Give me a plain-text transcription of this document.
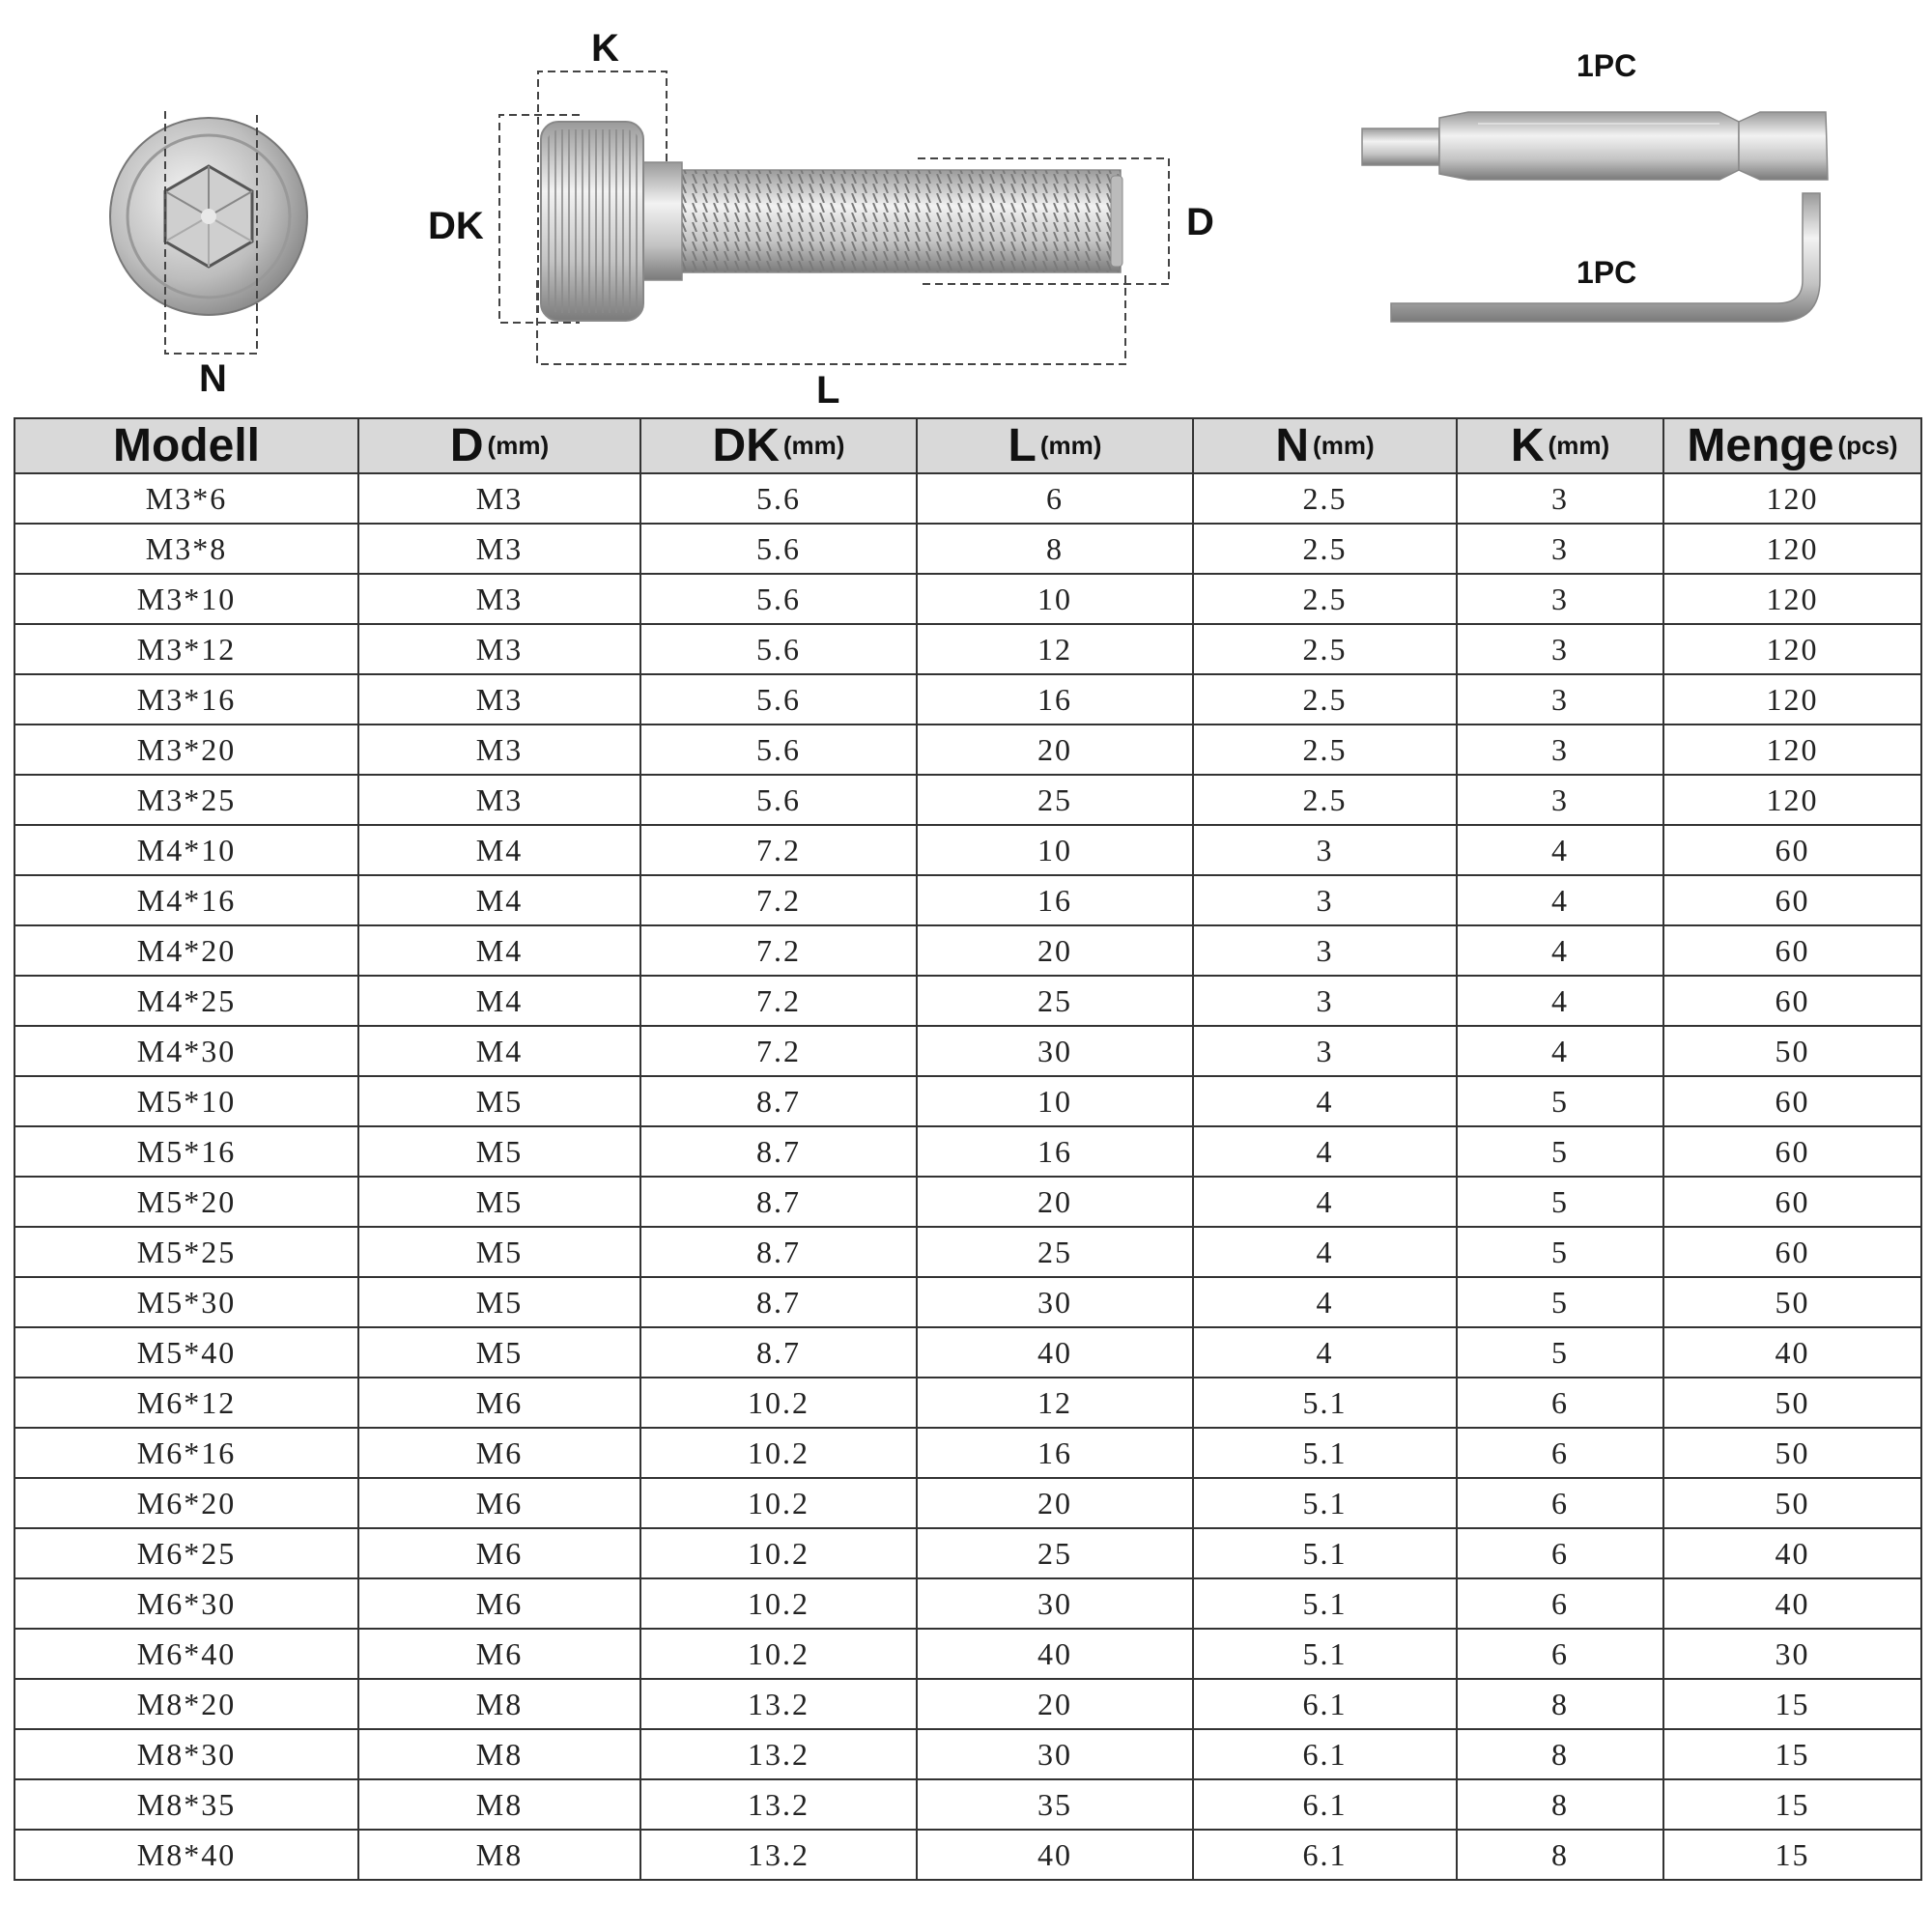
K
DK	D
N	L
1PC
1PC
Modell	D (mm)	DK (mm)	L (mm)	N (mm)	K (mm)	Menge (pcs)
M3*6	M3	5.6	6	2.5	3	120
M3*8	M3	5.6	8	2.5	3	120
M3*10	M3	5.6	10	2.5	3	120
M3*12	M3	5.6	12	2.5	3	120
M3*16	M3	5.6	16	2.5	3	120
M3*20	M3	5.6	20	2.5	3	120
M3*25	M3	5.6	25	2.5	3	120
M4*10	M4	7.2	10	3	4	60
M4*16	M4	7.2	16	3	4	60
M4*20	M4	7.2	20	3	4	60
M4*25	M4	7.2	25	3	4	60
M4*30	M4	7.2	30	3	4	50
M5*10	M5	8.7	10	4	5	60
M5*16	M5	8.7	16	4	5	60
M5*20	M5	8.7	20	4	5	60
M5*25	M5	8.7	25	4	5	60
M5*30	M5	8.7	30	4	5	50
M5*40	M5	8.7	40	4	5	40
M6*12	M6	10.2	12	5.1	6	50
M6*16	M6	10.2	16	5.1	6	50
M6*20	M6	10.2	20	5.1	6	50
M6*25	M6	10.2	25	5.1	6	40
M6*30	M6	10.2	30	5.1	6	40
M6*40	M6	10.2	40	5.1	6	30
M8*20	M8	13.2	20	6.1	8	15
M8*30	M8	13.2	30	6.1	8	15
M8*35	M8	13.2	35	6.1	8	15
M8*40	M8	13.2	40	6.1	8	15
